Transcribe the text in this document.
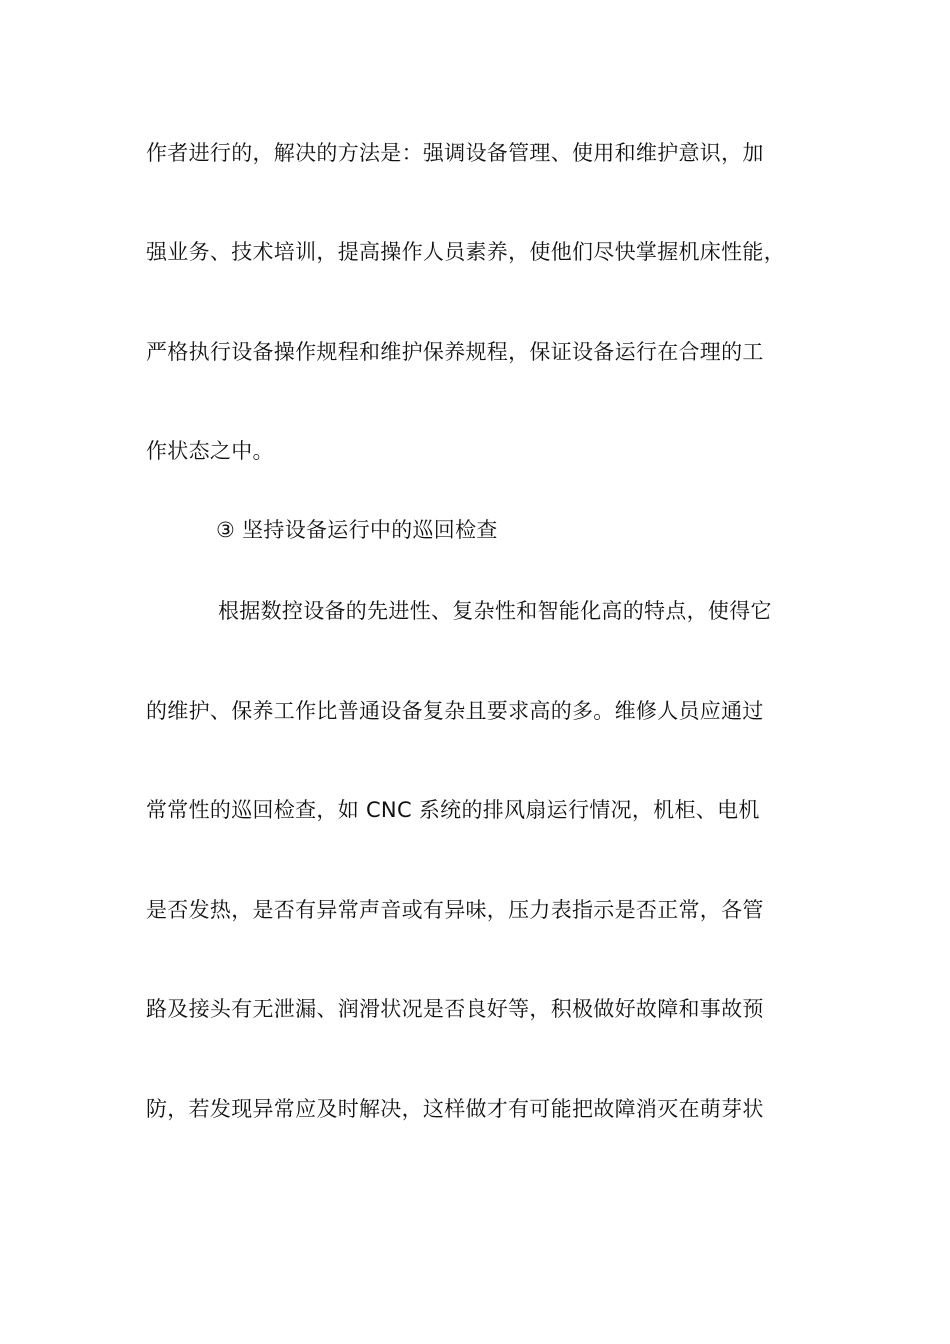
作者进行的，解决的方法是：强调设备管理、使用和维护意识，加
强业务、技术培训，提高操作人员素养，使他们尽快掌握机床性能，
严格执行设备操作规程和维护保养规程，保证设备运行在合理的工
作状态之中。
③ 坚持设备运行中的巡回检查
根据数控设备的先进性、复杂性和智能化高的特点，使得它
的维护、保养工作比普通设备复杂且要求高的多。维修人员应通过
常常性的巡回检查，如 CNC 系统的排风扇运行情况，机柜、电机
是否发热，是否有异常声音或有异味，压力表指示是否正常，各管
路及接头有无泄漏、润滑状况是否良好等，积极做好故障和事故预
防，若发现异常应及时解决，这样做才有可能把故障消灭在萌芽状
